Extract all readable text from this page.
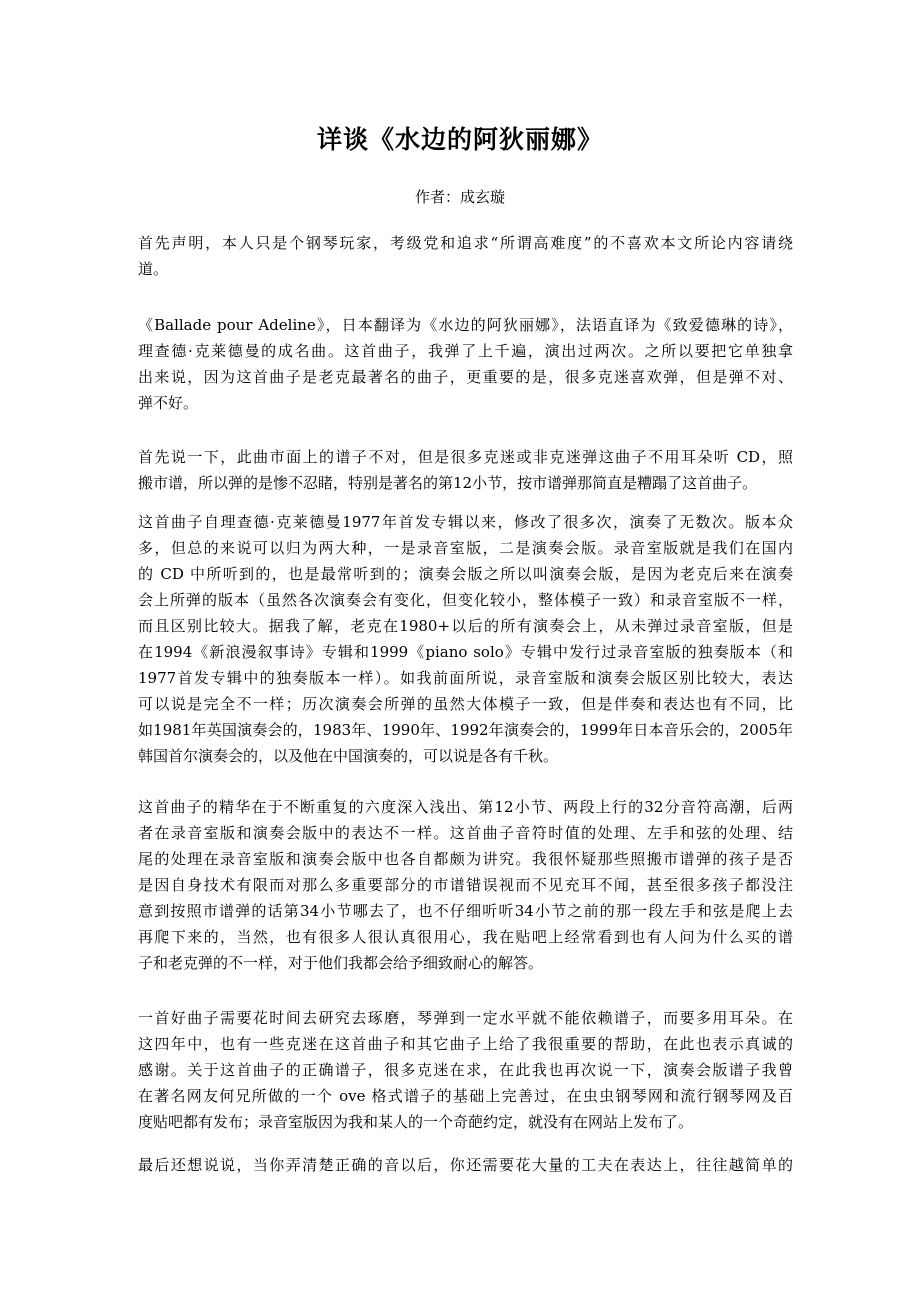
详谈《水边的阿狄丽娜》
作者：成玄璇
首先声明，本人只是个钢琴玩家，考级党和追求“所谓高难度”的不喜欢本文所论内容请绕
道。
《Ballade pour Adeline》，日本翻译为《水边的阿狄丽娜》，法语直译为《致爱德琳的诗》，
理查德·克莱德曼的成名曲。这首曲子，我弹了上千遍，演出过两次。之所以要把它单独拿
出来说，因为这首曲子是老克最著名的曲子，更重要的是，很多克迷喜欢弹，但是弹不对、
弹不好。
首先说一下，此曲市面上的谱子不对，但是很多克迷或非克迷弹这曲子不用耳朵听 CD，照
搬市谱，所以弹的是惨不忍睹，特别是著名的第12小节，按市谱弹那简直是糟蹋了这首曲子。
这首曲子自理查德·克莱德曼1977年首发专辑以来，修改了很多次，演奏了无数次。版本众
多，但总的来说可以归为两大种，一是录音室版，二是演奏会版。录音室版就是我们在国内
的 CD 中所听到的，也是最常听到的；演奏会版之所以叫演奏会版，是因为老克后来在演奏
会上所弹的版本（虽然各次演奏会有变化，但变化较小，整体模子一致）和录音室版不一样，
而且区别比较大。据我了解，老克在1980+以后的所有演奏会上，从未弹过录音室版，但是
在1994《新浪漫叙事诗》专辑和1999《piano solo》专辑中发行过录音室版的独奏版本（和
1977首发专辑中的独奏版本一样）。如我前面所说，录音室版和演奏会版区别比较大，表达
可以说是完全不一样；历次演奏会所弹的虽然大体模子一致，但是伴奏和表达也有不同，比
如1981年英国演奏会的，1983年、1990年、1992年演奏会的，1999年日本音乐会的，2005年
韩国首尔演奏会的，以及他在中国演奏的，可以说是各有千秋。
这首曲子的精华在于不断重复的六度深入浅出、第12小节、两段上行的32分音符高潮，后两
者在录音室版和演奏会版中的表达不一样。这首曲子音符时值的处理、左手和弦的处理、结
尾的处理在录音室版和演奏会版中也各自都颇为讲究。我很怀疑那些照搬市谱弹的孩子是否
是因自身技术有限而对那么多重要部分的市谱错误视而不见充耳不闻，甚至很多孩子都没注
意到按照市谱弹的话第34小节哪去了，也不仔细听听34小节之前的那一段左手和弦是爬上去
再爬下来的，当然，也有很多人很认真很用心，我在贴吧上经常看到也有人问为什么买的谱
子和老克弹的不一样，对于他们我都会给予细致耐心的解答。
一首好曲子需要花时间去研究去琢磨，琴弹到一定水平就不能依赖谱子，而要多用耳朵。在
这四年中，也有一些克迷在这首曲子和其它曲子上给了我很重要的帮助，在此也表示真诚的
感谢。关于这首曲子的正确谱子，很多克迷在求，在此我也再次说一下，演奏会版谱子我曾
在著名网友何兄所做的一个 ove 格式谱子的基础上完善过，在虫虫钢琴网和流行钢琴网及百
度贴吧都有发布；录音室版因为我和某人的一个奇葩约定，就没有在网站上发布了。
最后还想说说，当你弄清楚正确的音以后，你还需要花大量的工夫在表达上，往往越简单的
